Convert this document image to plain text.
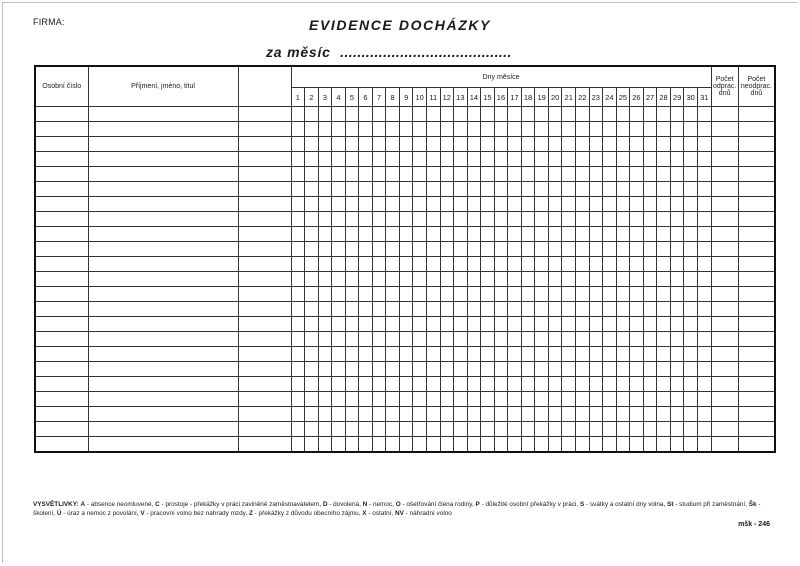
FIRMA:	EVIDENCE DOCHÁZKY
za měsíc ........................................
Osobní číslo	Příjmení, jméno, titul		Dny měsíce																															Počet odprac. dnů	Počet neodprac. dnů
			1	2	3	4	5	6	7	8	9	10	11	12	13	14	15	16	17	18	19	20	21	22	23	24	25	26	27	28	29	30	31		

VYSVĚTLIVKY: A - absence neomluvené, C - prostoje - překážky v práci zaviněné zaměstnavatelem, D - dovolená, N - nemoc, O - ošetřování člena rodiny, P - důležité osobní překážky v práci, S - svátky a ostatní dny volna, St - studium při zaměstnání, Šk - školení, Ú - úraz a nemoc z povolání, V - pracovní volno bez náhrady mzdy, Z - překážky z důvodu obecního zájmu, X - ostatní, NV - náhradní volno
mšk - 246
